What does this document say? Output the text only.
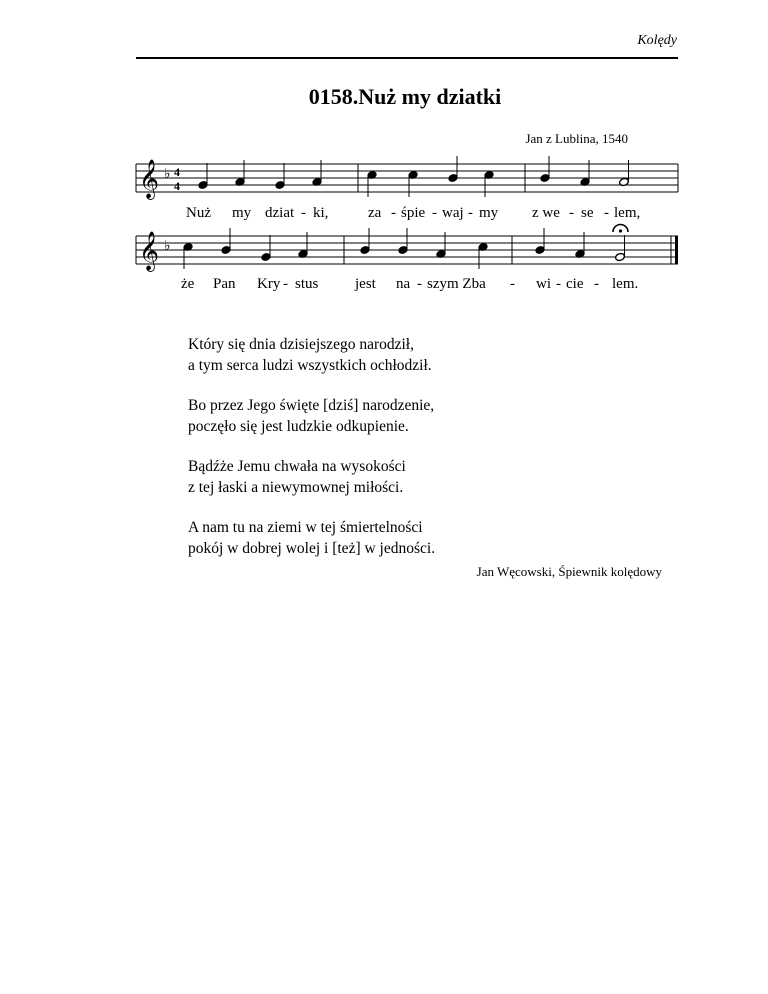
Kolędy
0158.Nuż my dziatki
Jan z Lublina, 1540
𝄞 ♭ 4
4
Nuż my dziat - ki,	za - śpie - waj - my z we - se - lem,
𝄞 ♭
że Pan Kry - stus jest na - szym Zba - wi - cie - lem.
Który się dnia dzisiejszego narodził,
a tym serca ludzi wszystkich ochłodził.
Bo przez Jego święte [dziś] narodzenie,
poczęło się jest ludzkie odkupienie.
Bądźże Jemu chwała na wysokości
z tej łaski a niewymownej miłości.
A nam tu na ziemi w tej śmiertelności
pokój w dobrej wolej i [też] w jedności.
Jan Węcowski, Śpiewnik kolędowy
